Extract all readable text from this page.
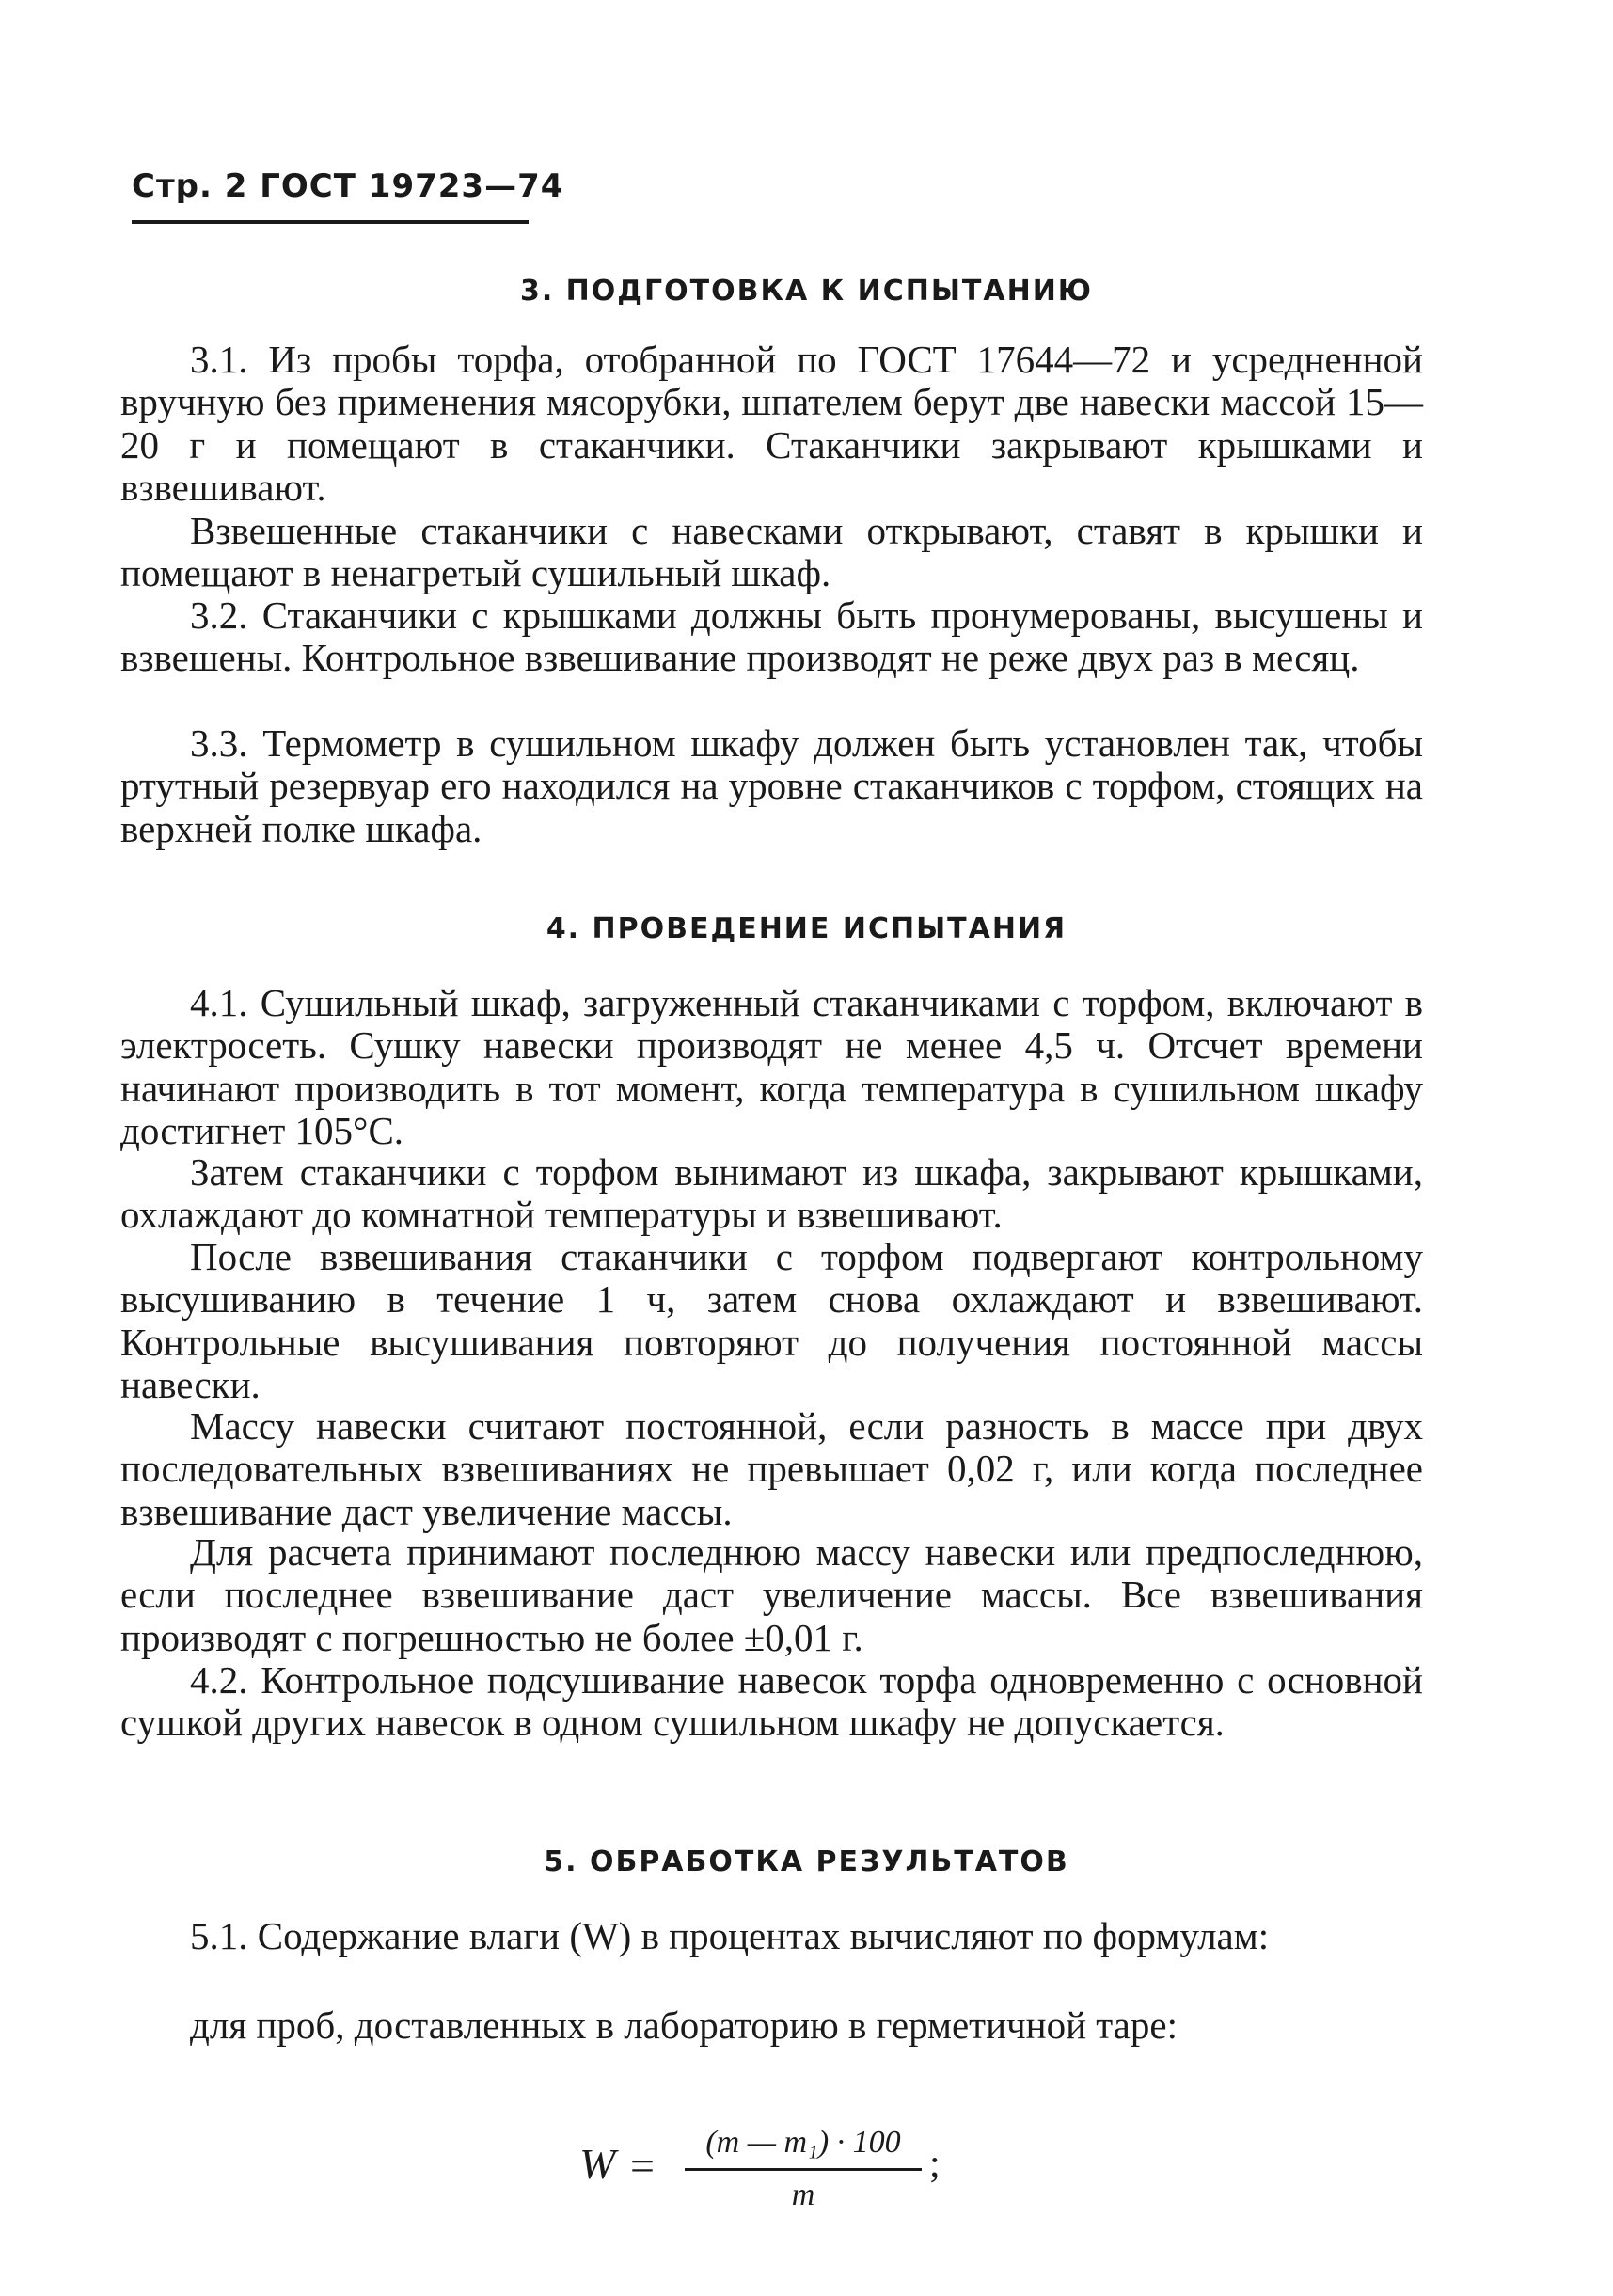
Стр. 2 ГОСТ 19723—74
3. ПОДГОТОВКА К ИСПЫТАНИЮ

3.1. Из пробы торфа, отобранной по ГОСТ 17644—72 и усредненной вручную без применения мясорубки, шпателем берут две навески массой 15—20 г и помещают в стаканчики. Стаканчики закрывают крышками и взвешивают.

Взвешенные стаканчики с навесками открывают, ставят в крышки и помещают в ненагретый сушильный шкаф.

3.2. Стаканчики с крышками должны быть пронумерованы, высушены и взвешены. Контрольное взвешивание производят не реже двух раз в месяц.

3.3. Термометр в сушильном шкафу должен быть установлен так, чтобы ртутный резервуар его находился на уровне стаканчиков с торфом, стоящих на верхней полке шкафа.

4. ПРОВЕДЕНИЕ ИСПЫТАНИЯ

4.1. Сушильный шкаф, загруженный стаканчиками с торфом, включают в электросеть. Сушку навески производят не менее 4,5 ч. Отсчет времени начинают производить в тот момент, когда температура в сушильном шкафу достигнет 105°С.

Затем стаканчики с торфом вынимают из шкафа, закрывают крышками, охлаждают до комнатной температуры и взвешивают.

После взвешивания стаканчики с торфом подвергают контрольному высушиванию в течение 1 ч, затем снова охлаждают и взвешивают. Контрольные высушивания повторяют до получения постоянной массы навески.

Массу навески считают постоянной, если разность в массе при двух последовательных взвешиваниях не превышает 0,02 г, или когда последнее взвешивание даст увеличение массы.

Для расчета принимают последнюю массу навески или предпоследнюю, если последнее взвешивание даст увеличение массы. Все взвешивания производят с погрешностью не более ±0,01 г.

4.2. Контрольное подсушивание навесок торфа одновременно с основной сушкой других навесок в одном сушильном шкафу не допускается.

5. ОБРАБОТКА РЕЗУЛЬТАТОВ

5.1. Содержание влаги (W) в процентах вычисляют по формулам:

для проб, доставленных в лабораторию в герметичной таре:

W =	(m — m₁) · 100
m
;
